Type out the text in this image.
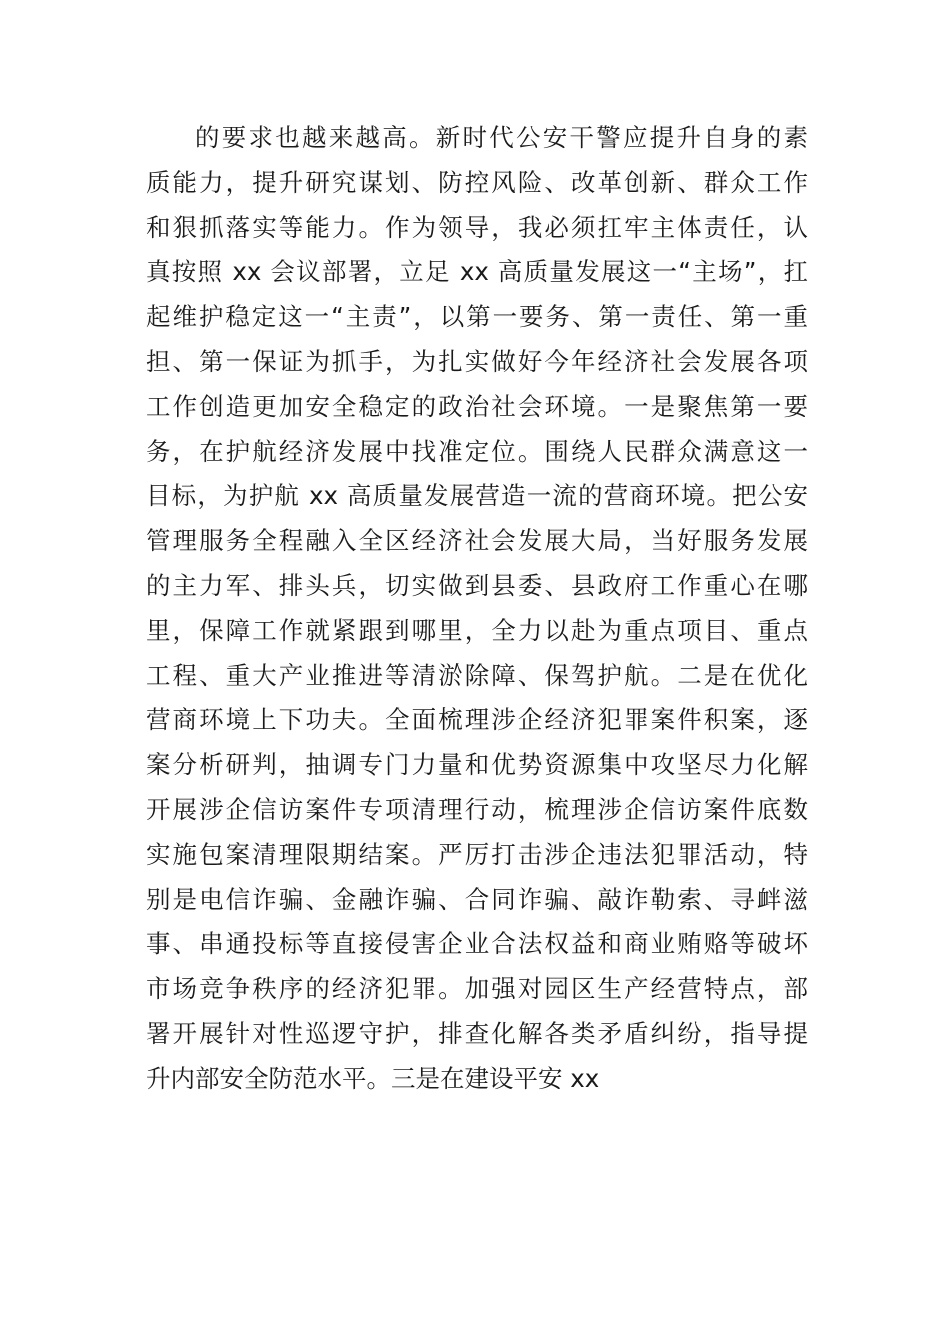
的要求也越来越高。新时代公安干警应提升自身的素
质能力，提升研究谋划、防控风险、改革创新、群众工作
和狠抓落实等能力。作为领导，我必须扛牢主体责任，认
真按照 xx 会议部署，立足 xx 高质量发展这一“主场”，扛
起维护稳定这一“主责”，以第一要务、第一责任、第一重
担、第一保证为抓手，为扎实做好今年经济社会发展各项
工作创造更加安全稳定的政治社会环境。一是聚焦第一要
务，在护航经济发展中找准定位。围绕人民群众满意这一
目标，为护航 xx 高质量发展营造一流的营商环境。把公安
管理服务全程融入全区经济社会发展大局，当好服务发展
的主力军、排头兵，切实做到县委、县政府工作重心在哪
里，保障工作就紧跟到哪里，全力以赴为重点项目、重点
工程、重大产业推进等清淤除障、保驾护航。二是在优化
营商环境上下功夫。全面梳理涉企经济犯罪案件积案，逐
案分析研判，抽调专门力量和优势资源集中攻坚尽力化解
开展涉企信访案件专项清理行动，梳理涉企信访案件底数
实施包案清理限期结案。严厉打击涉企违法犯罪活动，特
别是电信诈骗、金融诈骗、合同诈骗、敲诈勒索、寻衅滋
事、串通投标等直接侵害企业合法权益和商业贿赂等破坏
市场竞争秩序的经济犯罪。加强对园区生产经营特点，部
署开展针对性巡逻守护，排查化解各类矛盾纠纷，指导提
升内部安全防范水平。三是在建设平安 xx
